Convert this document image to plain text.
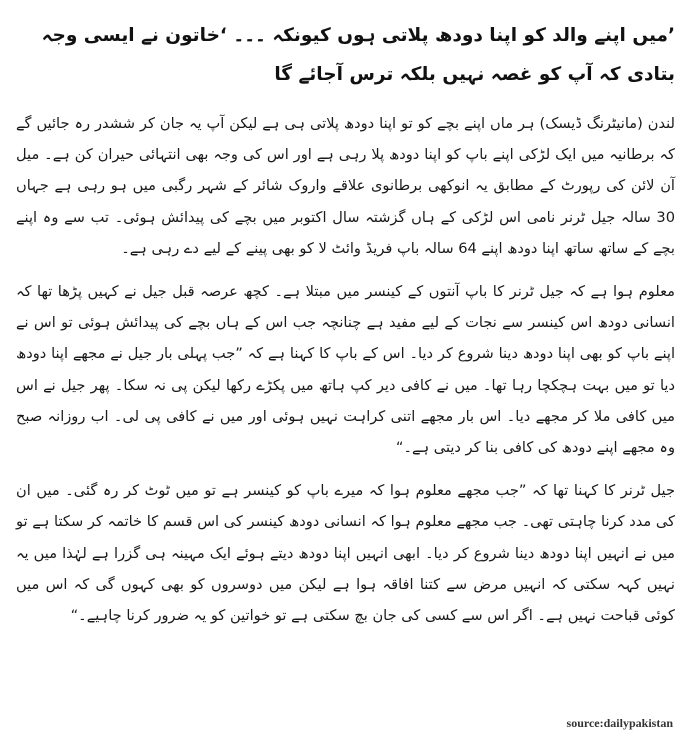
’میں اپنے والد کو اپنا دودھ پلاتی ہوں کیونکہ ۔۔۔ ‘خاتون نے ایسی وجہ بتادی کہ آپ کو غصہ نہیں بلکہ ترس آجائے گا

لندن (مانیٹرنگ ڈیسک) ہر ماں اپنے بچے کو تو اپنا دودھ پلاتی ہی ہے لیکن آپ یہ جان کر ششدر رہ جائیں گے کہ برطانیہ میں ایک لڑکی اپنے باپ کو اپنا دودھ پلا رہی ہے اور اس کی وجہ بھی انتہائی حیران کن ہے۔ میل آن لائن کی رپورٹ کے مطابق یہ انوکھی برطانوی علاقے واروک شائر کے شہر رگبی میں ہو رہی ہے جہاں 30 سالہ جیل ٹرنر نامی اس لڑکی کے ہاں گزشتہ سال اکتوبر میں بچے کی پیدائش ہوئی۔ تب سے وہ اپنے بچے کے ساتھ ساتھ اپنا دودھ اپنے 64 سالہ باپ فریڈ وائٹ لا کو بھی پینے کے لیے دے رہی ہے۔

معلوم ہوا ہے کہ جیل ٹرنر کا باپ آنتوں کے کینسر میں مبتلا ہے۔ کچھ عرصہ قبل جیل نے کہیں پڑھا تھا کہ انسانی دودھ اس کینسر سے نجات کے لیے مفید ہے چنانچہ جب اس کے ہاں بچے کی پیدائش ہوئی تو اس نے اپنے باپ کو بھی اپنا دودھ دینا شروع کر دیا۔ اس کے باپ کا کہنا ہے کہ ”جب پہلی بار جیل نے مجھے اپنا دودھ دیا تو میں بہت ہچکچا رہا تھا۔ میں نے کافی دیر کپ ہاتھ میں پکڑے رکھا لیکن پی نہ سکا۔ پھر جیل نے اس میں کافی ملا کر مجھے دیا۔ اس بار مجھے اتنی کراہت نہیں ہوئی اور میں نے کافی پی لی۔ اب روزانہ صبح وہ مجھے اپنے دودھ کی کافی بنا کر دیتی ہے۔“

جیل ٹرنر کا کہنا تھا کہ ”جب مجھے معلوم ہوا کہ میرے باپ کو کینسر ہے تو میں ٹوٹ کر رہ گئی۔ میں ان کی مدد کرنا چاہتی تھی۔ جب مجھے معلوم ہوا کہ انسانی دودھ کینسر کی اس قسم کا خاتمہ کر سکتا ہے تو میں نے انہیں اپنا دودھ دینا شروع کر دیا۔ ابھی انہیں اپنا دودھ دیتے ہوئے ایک مہینہ ہی گزرا ہے لہٰذا میں یہ نہیں کہہ سکتی کہ انہیں مرض سے کتنا افاقہ ہوا ہے لیکن میں دوسروں کو بھی کہوں گی کہ اس میں کوئی قباحت نہیں ہے۔ اگر اس سے کسی کی جان بچ سکتی ہے تو خواتین کو یہ ضرور کرنا چاہیے۔“

source:dailypakistan
